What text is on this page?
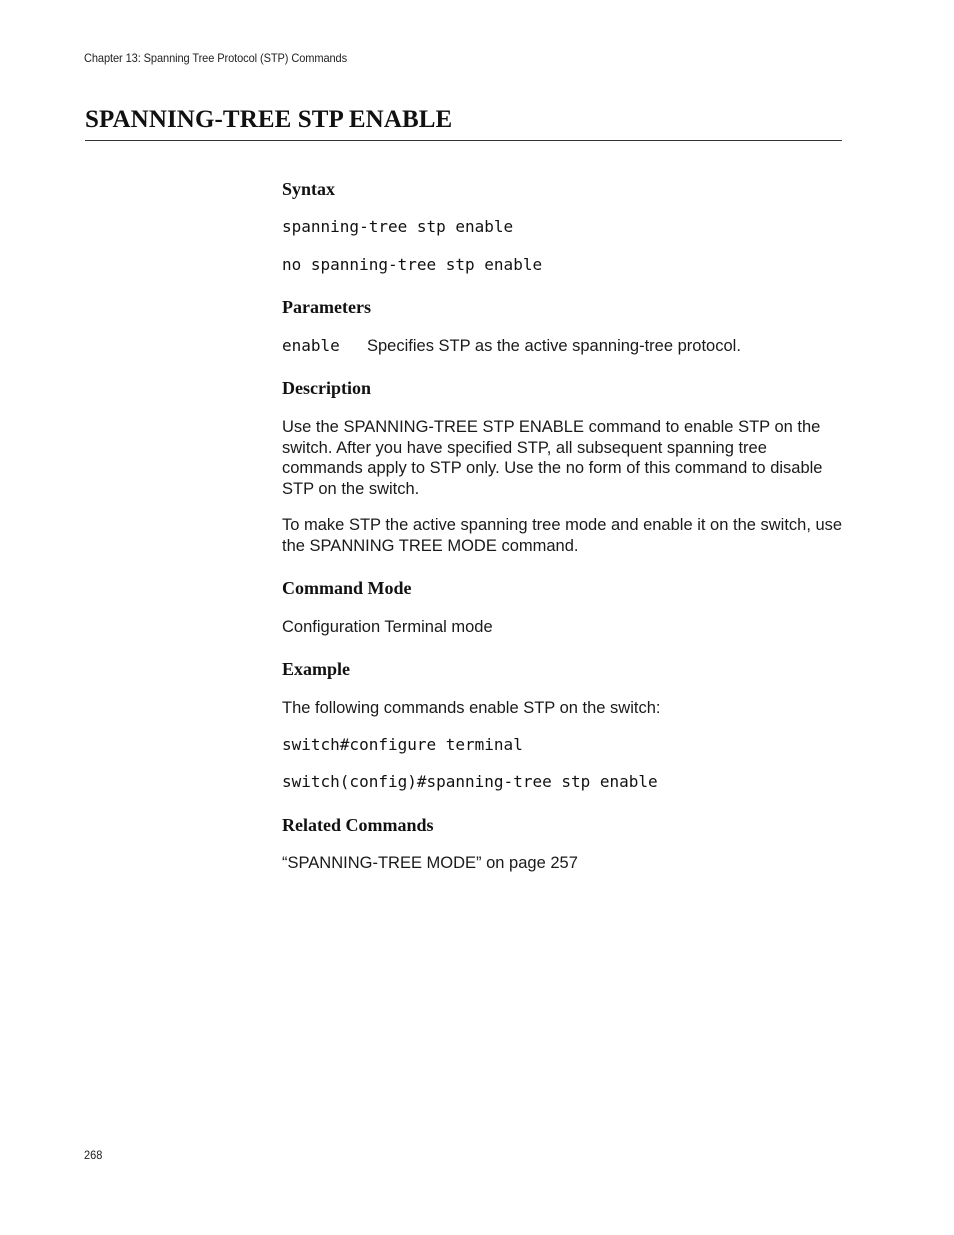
Chapter 13: Spanning Tree Protocol (STP) Commands
SPANNING-TREE STP ENABLE
Syntax
spanning-tree stp enable
no spanning-tree stp enable
Parameters
enable	Specifies STP as the active spanning-tree protocol.
Description

Use the SPANNING-TREE STP ENABLE command to enable STP on the switch. After you have specified STP, all subsequent spanning tree commands apply to STP only. Use the no form of this command to disable STP on the switch.

To make STP the active spanning tree mode and enable it on the switch, use the SPANNING TREE MODE command.

Command Mode

Configuration Terminal mode

Example

The following commands enable STP on the switch:

switch#configure terminal
switch(config)#spanning-tree stp enable
Related Commands

“SPANNING-TREE MODE” on page 257

268
